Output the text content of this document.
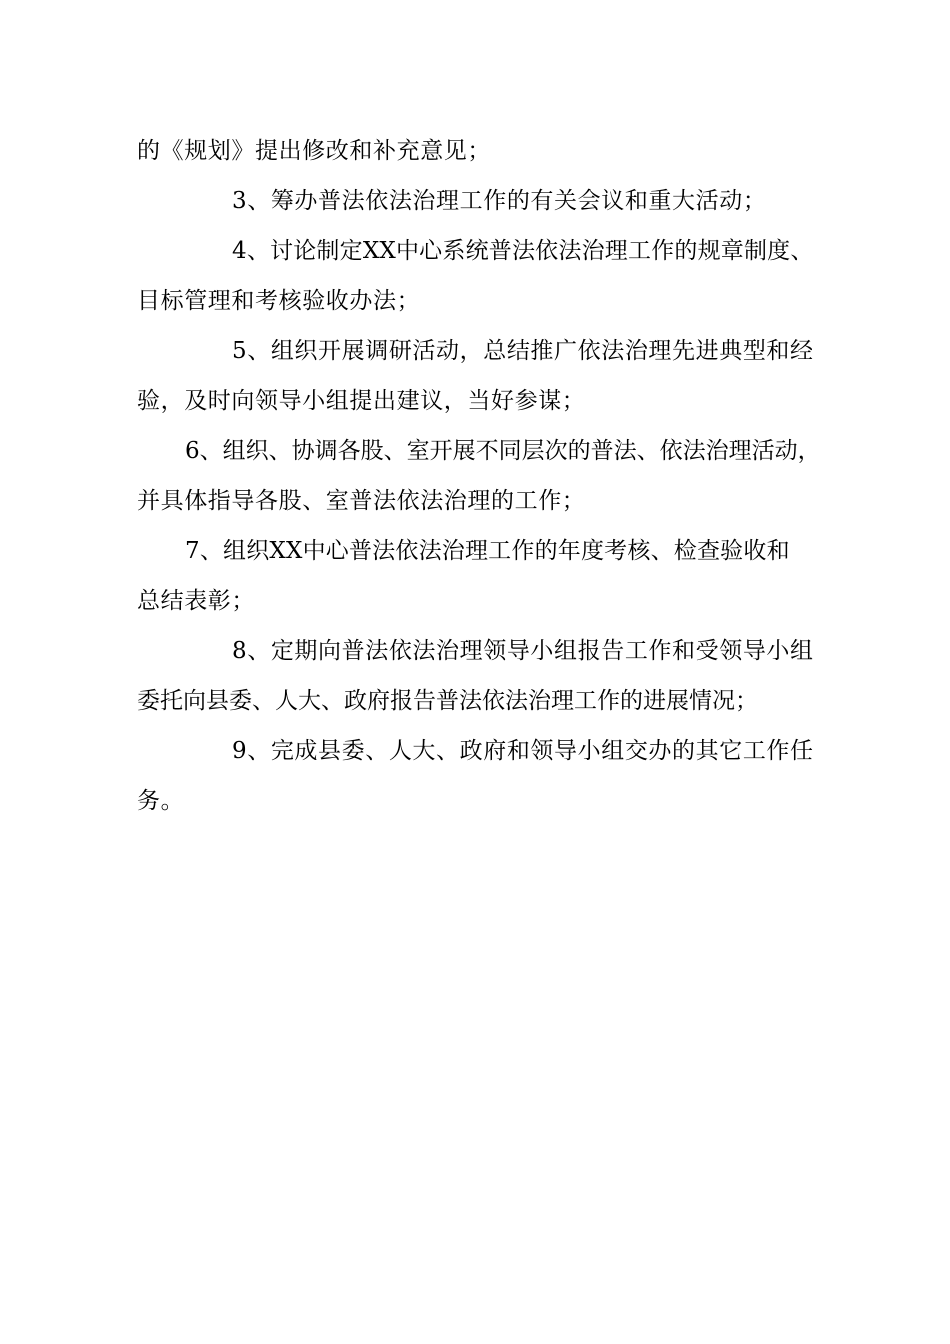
的《规划》提出修改和补充意见；
3、筹办普法依法治理工作的有关会议和重大活动；
4、讨论制定XX中心系统普法依法治理工作的规章制度、
目标管理和考核验收办法；
5、组织开展调研活动，总结推广依法治理先进典型和经
验，及时向领导小组提出建议，当好参谋；
6、组织、协调各股、室开展不同层次的普法、依法治理活动，
并具体指导各股、室普法依法治理的工作；
7、组织XX中心普法依法治理工作的年度考核、检查验收和
总结表彰；
8、定期向普法依法治理领导小组报告工作和受领导小组
委托向县委、人大、政府报告普法依法治理工作的进展情况；
9、完成县委、人大、政府和领导小组交办的其它工作任
务。
